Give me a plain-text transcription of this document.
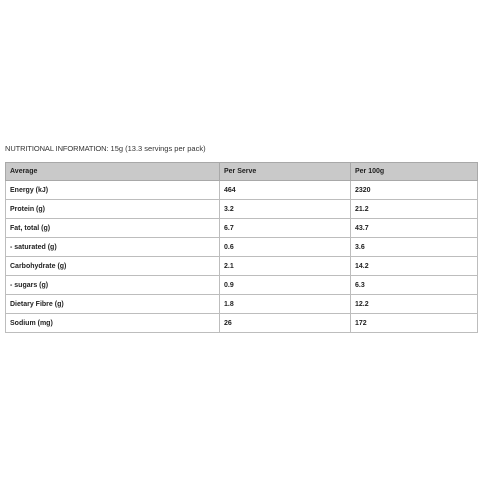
NUTRITIONAL INFORMATION: 15g (13.3 servings per pack)
Average	Per Serve	Per 100g
Energy (kJ)	464	2320
Protein (g)	3.2	21.2
Fat, total (g)	6.7	43.7
- saturated (g)	0.6	3.6
Carbohydrate (g)	2.1	14.2
- sugars (g)	0.9	6.3
Dietary Fibre (g)	1.8	12.2
Sodium (mg)	26	172
